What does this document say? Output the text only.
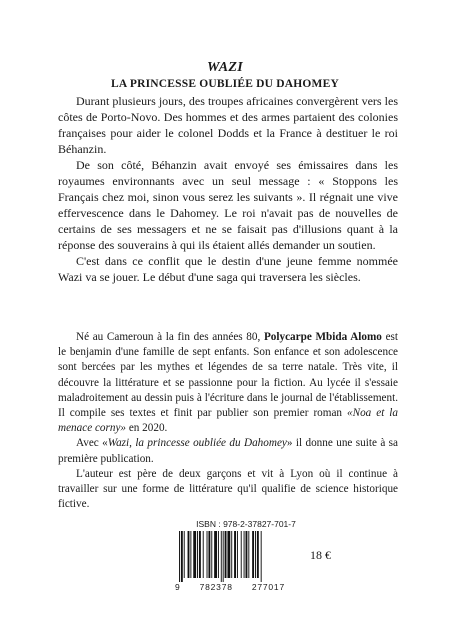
WAZI
LA PRINCESSE OUBLIÉE DU DAHOMEY

Durant plusieurs jours, des troupes africaines convergèrent vers les côtes de Porto-Novo. Des hommes et des armes partaient des colonies françaises pour aider le colonel Dodds et la France à destituer le roi Béhanzin.

De son côté, Béhanzin avait envoyé ses émissaires dans les royaumes environnants avec un seul message : « Stoppons les Français chez moi, sinon vous serez les suivants ». Il régnait une vive effervescence dans le Dahomey. Le roi n'avait pas de nouvelles de certains de ses messagers et ne se faisait pas d'illusions quant à la réponse des souverains à qui ils étaient allés demander un soutien.

C'est dans ce conflit que le destin d'une jeune femme nommée Wazi va se jouer. Le début d'une saga qui traversera les siècles.

Né au Cameroun à la fin des années 80, Polycarpe Mbida Alomo est le benjamin d'une famille de sept enfants. Son enfance et son adolescence sont bercées par les mythes et légendes de sa terre natale. Très vite, il découvre la littérature et se passionne pour la fiction. Au lycée il s'essaie maladroitement au dessin puis à l'écriture dans le journal de l'établissement. Il compile ses textes et finit par publier son premier roman «Noa et la menace corny» en 2020.

Avec «Wazi, la princesse oubliée du Dahomey» il donne une suite à sa première publication.

L'auteur est père de deux garçons et vit à Lyon où il continue à travailler sur une forme de littérature qu'il qualifie de science historique fictive.

ISBN : 978-2-37827-701-7
9 782378 277017
18 €
